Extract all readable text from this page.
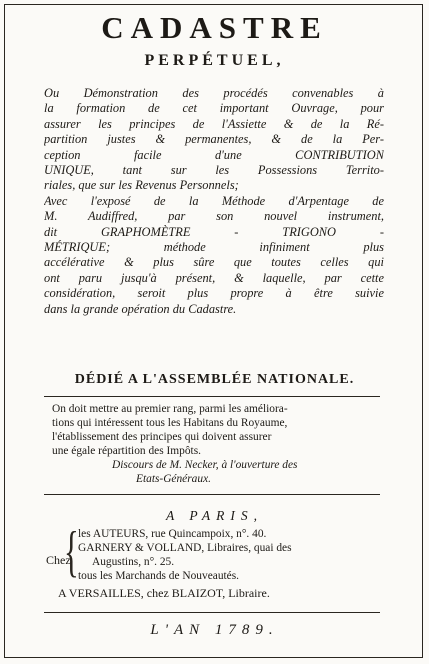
CADASTRE
PERPÉTUEL,
Ou Démonstration des procédés convenables à
la formation de cet important Ouvrage, pour
assurer les principes de l'Assiette & de la Ré-
partition justes & permanentes, & de la Per-
ception facile d'une CONTRIBUTION
UNIQUE, tant sur les Possessions Territo-
riales, que sur les Revenus Personnels;
Avec l'exposé de la Méthode d'Arpentage de
M. Audiffred, par son nouvel instrument,
dit GRAPHOMÈTRE - TRIGONO -
MÉTRIQUE; méthode infiniment plus
accélérative & plus sûre que toutes celles qui
ont paru jusqu'à présent, & laquelle, par cette
considération, seroit plus propre à être suivie
dans la grande opération du Cadastre.
DÉDIÉ A L'ASSEMBLÉE NATIONALE.
On doit mettre au premier rang, parmi les améliora-
tions qui intéressent tous les Habitans du Royaume,
l'établissement des principes qui doivent assurer
une égale répartition des Impôts.
Discours de M. Necker, à l'ouverture des
Etats-Généraux.
A PARIS,
Chez
{ les AUTEURS, rue Quincampoix, n°. 40.
GARNERY & VOLLAND, Libraires, quai des
Augustins, n°. 25.
tous les Marchands de Nouveautés.
A VERSAILLES, chez BLAIZOT, Libraire.
L'AN 1789.
